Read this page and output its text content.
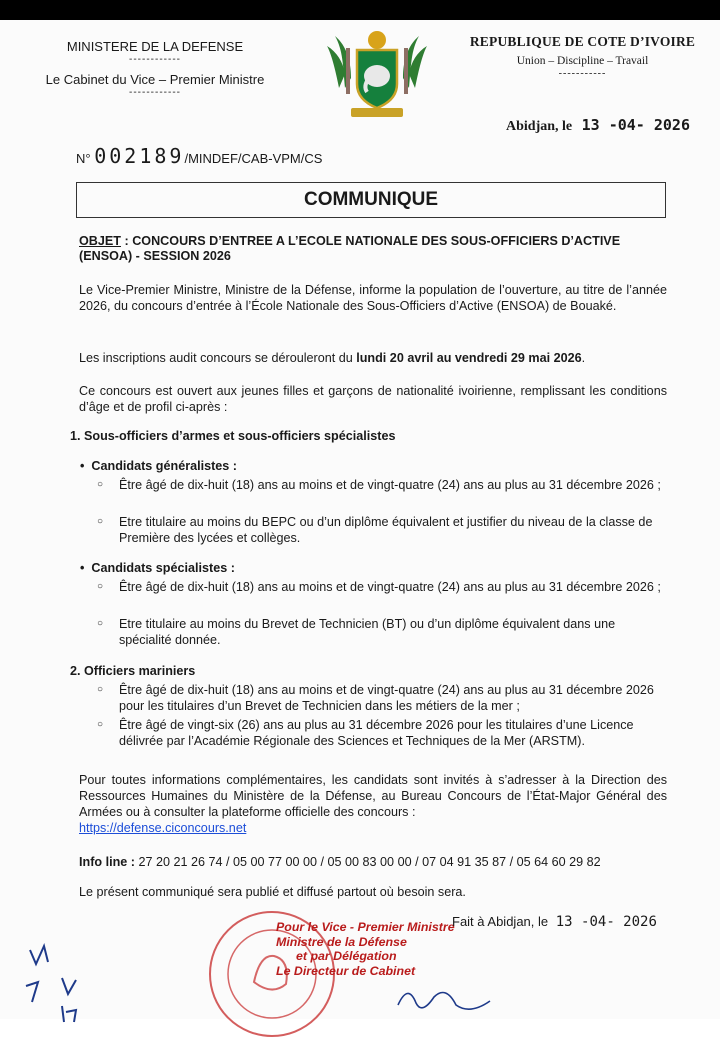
MINISTERE DE LA DEFENSE
------------
Le Cabinet du Vice – Premier Ministre
------------
REPUBLIQUE DE COTE D’IVOIRE
Union – Discipline – Travail
-----------
Abidjan, le 13 -04- 2026
N° 002189/MINDEF/CAB-VPM/CS
COMMUNIQUE
OBJET : CONCOURS D’ENTREE A L’ECOLE NATIONALE DES SOUS-OFFICIERS D’ACTIVE (ENSOA) - SESSION 2026
Le Vice-Premier Ministre, Ministre de la Défense, informe la population de l’ouverture, au titre de l’année 2026, du concours d’entrée à l’École Nationale des Sous-Officiers d’Active (ENSOA) de Bouaké.
Les inscriptions audit concours se dérouleront du lundi 20 avril au vendredi 29 mai 2026.
Ce concours est ouvert aux jeunes filles et garçons de nationalité ivoirienne, remplissant les conditions d’âge et de profil ci-après :
1. Sous-officiers d’armes et sous-officiers spécialistes
•  Candidats généralistes :
○ Être âgé de dix-huit (18) ans au moins et de vingt-quatre (24) ans au plus au 31 décembre 2026 ;
○ Etre titulaire au moins du BEPC ou d’un diplôme équivalent et justifier du niveau de la classe de Première des lycées et collèges.
•  Candidats spécialistes :
○ Être âgé de dix-huit (18) ans au moins et de vingt-quatre (24) ans au plus au 31 décembre 2026 ;
○ Etre titulaire au moins du Brevet de Technicien (BT) ou d’un diplôme équivalent dans une spécialité donnée.
2. Officiers mariniers
○ Être âgé de dix-huit (18) ans au moins et de vingt-quatre (24) ans au plus au 31 décembre 2026 pour les titulaires d’un Brevet de Technicien dans les métiers de la mer ;
○ Être âgé de vingt-six (26) ans au plus au 31 décembre 2026 pour les titulaires d’une Licence délivrée par l’Académie Régionale des Sciences et Techniques de la Mer (ARSTM).
Pour toutes informations complémentaires, les candidats sont invités à s’adresser à la Direction des Ressources Humaines du Ministère de la Défense, au Bureau Concours de l’État-Major Général des Armées ou à consulter la plateforme officielle des concours :
https://defense.ciconcours.net
Info line : 27 20 21 26 74 / 05 00 77 00 00 / 05 00 83 00 00 / 07 04 91 35 87 / 05 64 60 29 82
Le présent communiqué sera publié et diffusé partout où besoin sera.
Pour le Vice - Premier Ministre
Ministre de la Défense
et par Délégation
Le Directeur de Cabinet
Fait à Abidjan, le 13 -04- 2026
